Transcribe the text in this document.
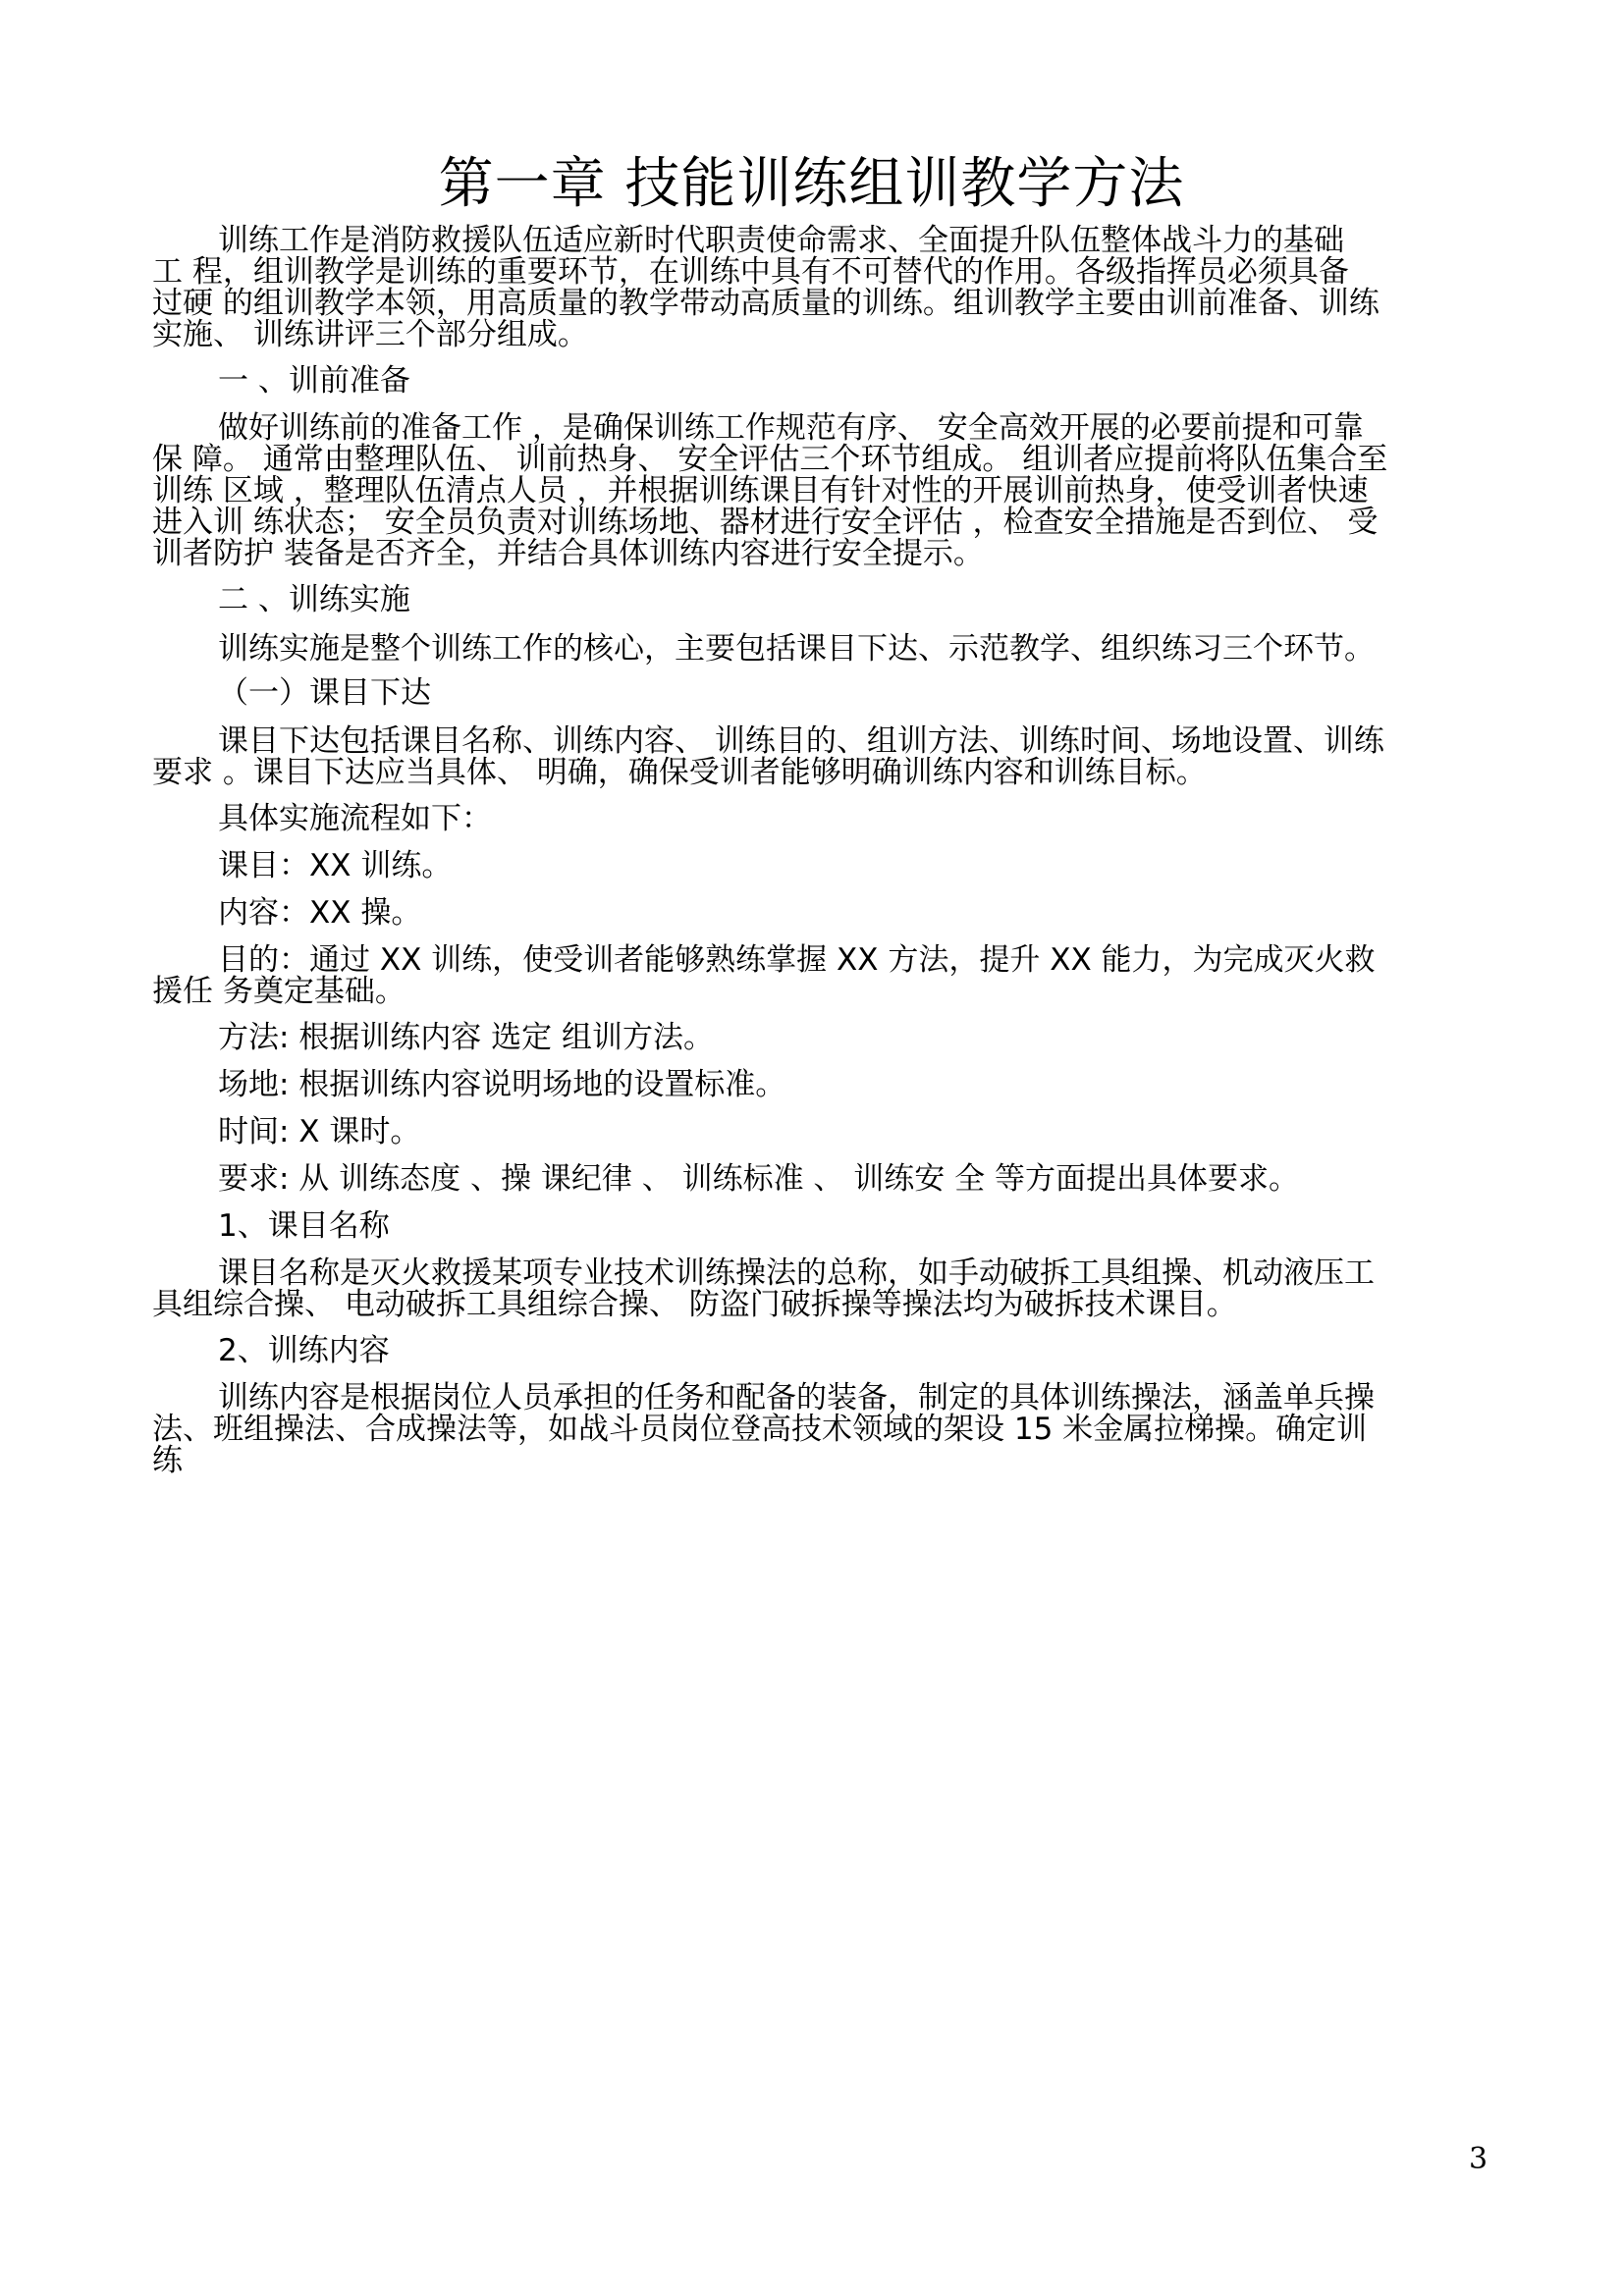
第一章 技能训练组训教学方法
训练工作是消防救援队伍适应新时代职责使命需求、全面提升队伍整体战斗力的基础
工 程，组训教学是训练的重要环节，在训练中具有不可替代的作用。各级指挥员必须具备
过硬 的组训教学本领，用高质量的教学带动高质量的训练。组训教学主要由训前准备、训练
实施、 训练讲评三个部分组成。
一 、训前准备
做好训练前的准备工作 ，是确保训练工作规范有序、 安全高效开展的必要前提和可靠
保 障。 通常由整理队伍、 训前热身、 安全评估三个环节组成。 组训者应提前将队伍集合至
训练 区域 ，整理队伍清点人员 ，并根据训练课目有针对性的开展训前热身，使受训者快速
进入训 练状态； 安全员负责对训练场地、器材进行安全评估 ，检查安全措施是否到位、 受
训者防护 装备是否齐全，并结合具体训练内容进行安全提示。
二 、训练实施
训练实施是整个训练工作的核心，主要包括课目下达、示范教学、组织练习三个环节。
（一）课目下达
课目下达包括课目名称、训练内容、 训练目的、组训方法、训练时间、场地设置、训练
要求 。课目下达应当具体、 明确，确保受训者能够明确训练内容和训练目标。
具体实施流程如下：
课目：XX 训练。
内容：XX 操。
目的：通过 XX 训练，使受训者能够熟练掌握 XX 方法，提升 XX 能力，为完成灭火救
援任 务奠定基础。
方法: 根据训练内容 选定 组训方法。
场地: 根据训练内容说明场地的设置标准。
时间: X 课时。
要求: 从 训练态度 、操 课纪律 、 训练标准 、 训练安 全 等方面提出具体要求。
1、课目名称
课目名称是灭火救援某项专业技术训练操法的总称，如手动破拆工具组操、机动液压工
具组综合操、 电动破拆工具组综合操、 防盗门破拆操等操法均为破拆技术课目。
2、训练内容
训练内容是根据岗位人员承担的任务和配备的装备，制定的具体训练操法，涵盖单兵操
法、班组操法、合成操法等，如战斗员岗位登高技术领域的架设 15 米金属拉梯操。确定训
练
3
